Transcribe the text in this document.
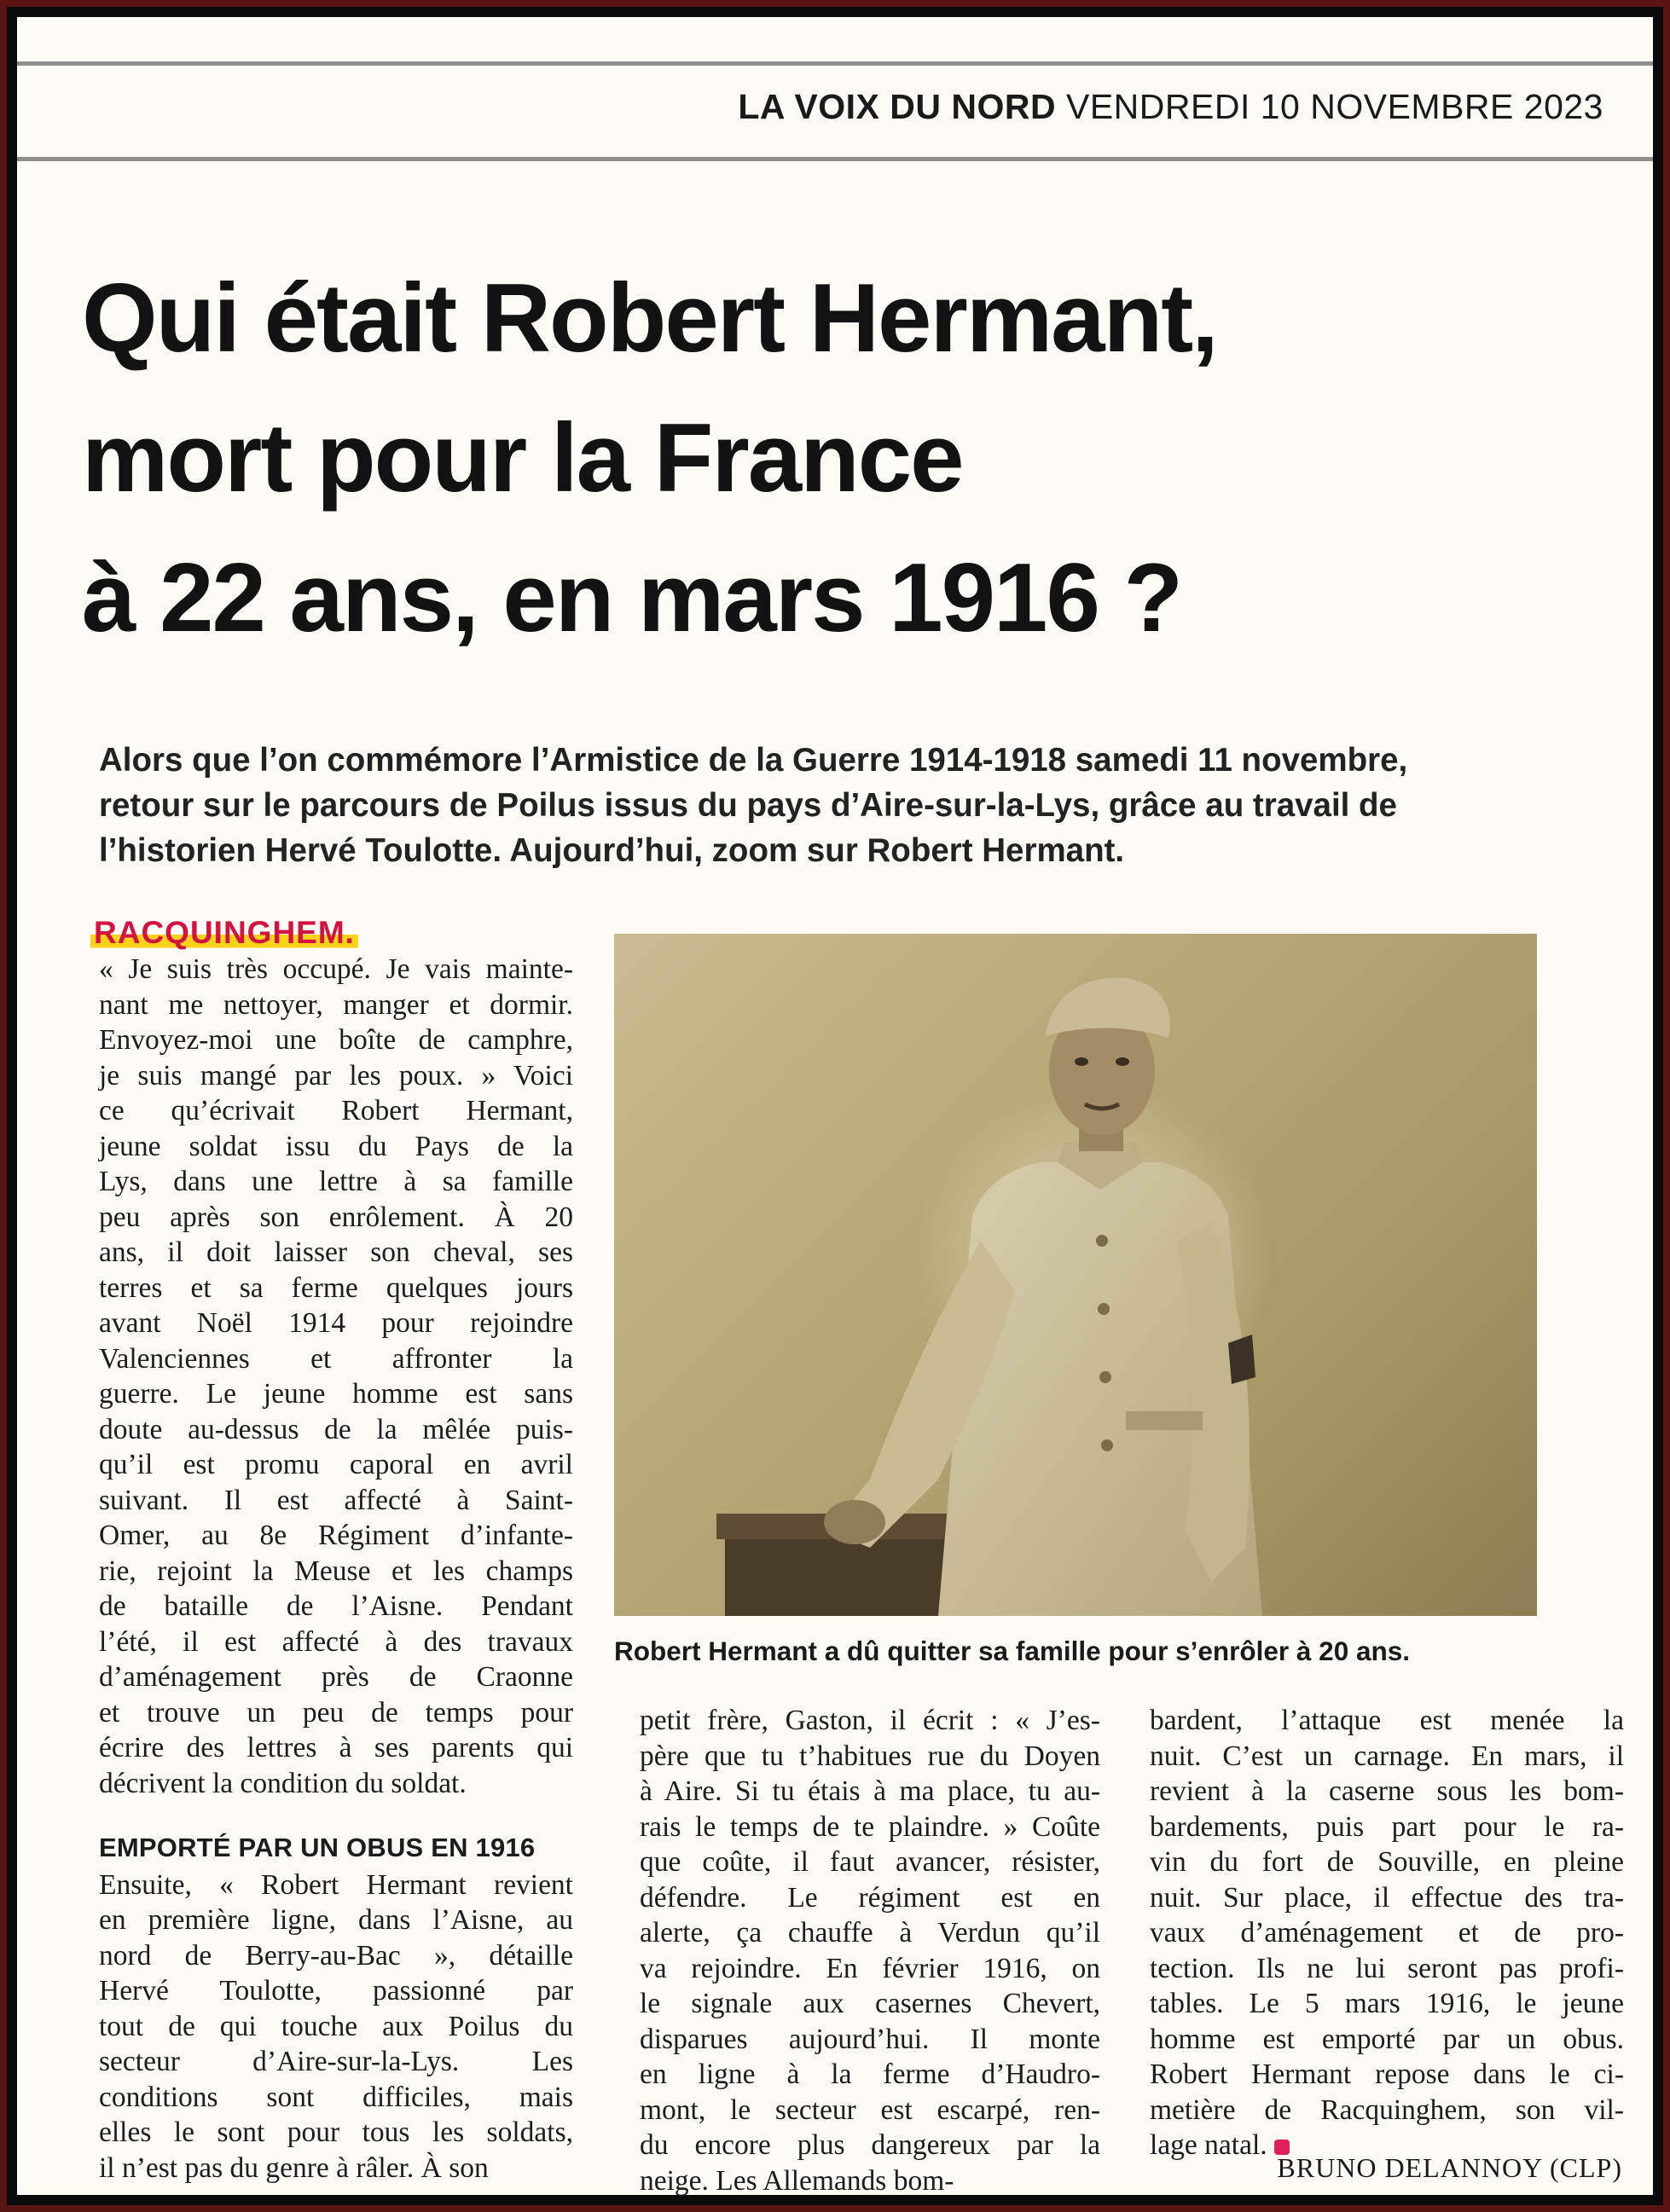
LA VOIX DU NORD VENDREDI 10 NOVEMBRE 2023
Qui était Robert Hermant,
mort pour la France
à 22 ans, en mars 1916 ?
Alors que l’on commémore l’Armistice de la Guerre 1914-1918 samedi 11 novembre,
retour sur le parcours de Poilus issus du pays d’Aire-sur-la-Lys, grâce au travail de
l’historien Hervé Toulotte. Aujourd’hui, zoom sur Robert Hermant.
RACQUINGHEM.
« Je suis très occupé. Je vais mainte-
nant me nettoyer, manger et dormir.
Envoyez-moi une boîte de camphre,
je suis mangé par les poux. » Voici
ce qu’écrivait Robert Hermant,
jeune soldat issu du Pays de la
Lys, dans une lettre à sa famille
peu après son enrôlement. À 20
ans, il doit laisser son cheval, ses
terres et sa ferme quelques jours
avant Noël 1914 pour rejoindre
Valenciennes et affronter la
guerre. Le jeune homme est sans
doute au-dessus de la mêlée puis-
qu’il est promu caporal en avril
suivant. Il est affecté à Saint-
Omer, au 8e Régiment d’infante-
rie, rejoint la Meuse et les champs
de bataille de l’Aisne. Pendant
l’été, il est affecté à des travaux
d’aménagement près de Craonne
et trouve un peu de temps pour
écrire des lettres à ses parents qui
décrivent la condition du soldat.
EMPORTÉ PAR UN OBUS EN 1916
Ensuite, « Robert Hermant revient
en première ligne, dans l’Aisne, au
nord de Berry-au-Bac », détaille
Hervé Toulotte, passionné par
tout de qui touche aux Poilus du
secteur d’Aire-sur-la-Lys. Les
conditions sont difficiles, mais
elles le sont pour tous les soldats,
il n’est pas du genre à râler. À son
Robert Hermant a dû quitter sa famille pour s’enrôler à 20 ans.
petit frère, Gaston, il écrit : « J’es-
père que tu t’habitues rue du Doyen
à Aire. Si tu étais à ma place, tu au-
rais le temps de te plaindre. » Coûte
que coûte, il faut avancer, résister,
défendre. Le régiment est en
alerte, ça chauffe à Verdun qu’il
va rejoindre. En février 1916, on
le signale aux casernes Chevert,
disparues aujourd’hui. Il monte
en ligne à la ferme d’Haudro-
mont, le secteur est escarpé, ren-
du encore plus dangereux par la
neige. Les Allemands bom-
bardent, l’attaque est menée la
nuit. C’est un carnage. En mars, il
revient à la caserne sous les bom-
bardements, puis part pour le ra-
vin du fort de Souville, en pleine
nuit. Sur place, il effectue des tra-
vaux d’aménagement et de pro-
tection. Ils ne lui seront pas profi-
tables. Le 5 mars 1916, le jeune
homme est emporté par un obus.
Robert Hermant repose dans le ci-
metière de Racquinghem, son vil-
lage natal.
BRUNO DELANNOY (CLP)
